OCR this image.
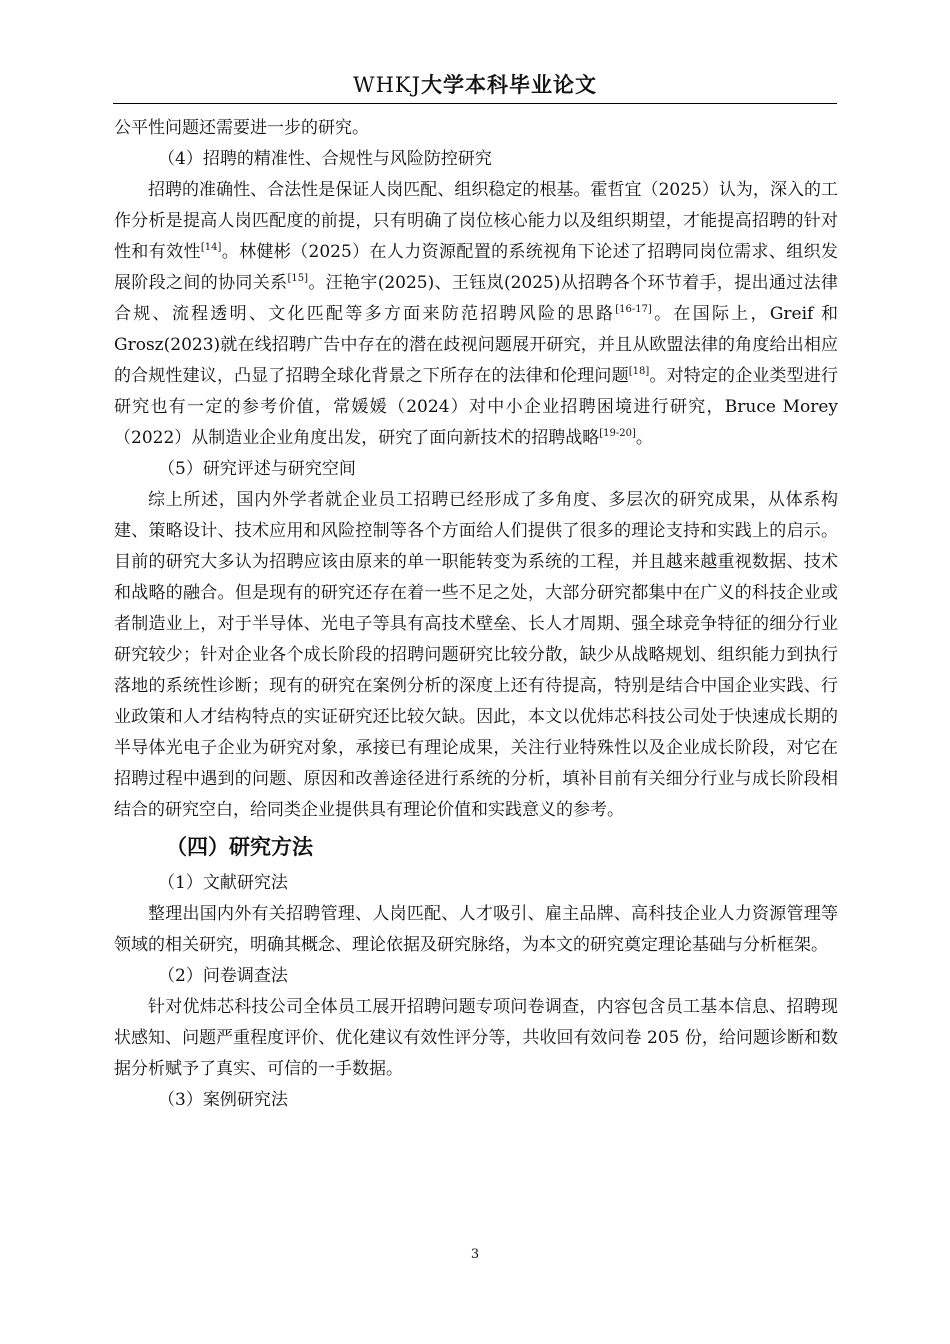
WHKJ大学本科毕业论文

公平性问题还需要进一步的研究。

（4）招聘的精准性、合规性与风险防控研究

招聘的准确性、合法性是保证人岗匹配、组织稳定的根基。霍哲宜（2025）认为，深入的工作分析是提高人岗匹配度的前提，只有明确了岗位核心能力以及组织期望，才能提高招聘的针对性和有效性[14]。林健彬（2025）在人力资源配置的系统视角下论述了招聘同岗位需求、组织发展阶段之间的协同关系[15]。汪艳宇(2025)、王钰岚(2025)从招聘各个环节着手，提出通过法律合规、流程透明、文化匹配等多方面来防范招聘风险的思路[16-17]。在国际上，Greif 和 Grosz(2023)就在线招聘广告中存在的潜在歧视问题展开研究，并且从欧盟法律的角度给出相应的合规性建议，凸显了招聘全球化背景之下所存在的法律和伦理问题[18]。对特定的企业类型进行研究也有一定的参考价值，常媛媛（2024）对中小企业招聘困境进行研究，Bruce Morey（2022）从制造业企业角度出发，研究了面向新技术的招聘战略[19-20]。

（5）研究评述与研究空间

综上所述，国内外学者就企业员工招聘已经形成了多角度、多层次的研究成果，从体系构建、策略设计、技术应用和风险控制等各个方面给人们提供了很多的理论支持和实践上的启示。目前的研究大多认为招聘应该由原来的单一职能转变为系统的工程，并且越来越重视数据、技术和战略的融合。但是现有的研究还存在着一些不足之处，大部分研究都集中在广义的科技企业或者制造业上，对于半导体、光电子等具有高技术壁垒、长人才周期、强全球竞争特征的细分行业研究较少；针对企业各个成长阶段的招聘问题研究比较分散，缺少从战略规划、组织能力到执行落地的系统性诊断；现有的研究在案例分析的深度上还有待提高，特别是结合中国企业实践、行业政策和人才结构特点的实证研究还比较欠缺。因此，本文以优炜芯科技公司处于快速成长期的半导体光电子企业为研究对象，承接已有理论成果，关注行业特殊性以及企业成长阶段，对它在招聘过程中遇到的问题、原因和改善途径进行系统的分析，填补目前有关细分行业与成长阶段相结合的研究空白，给同类企业提供具有理论价值和实践意义的参考。

（四）研究方法

（1）文献研究法

整理出国内外有关招聘管理、人岗匹配、人才吸引、雇主品牌、高科技企业人力资源管理等领域的相关研究，明确其概念、理论依据及研究脉络，为本文的研究奠定理论基础与分析框架。

（2）问卷调查法

针对优炜芯科技公司全体员工展开招聘问题专项问卷调查，内容包含员工基本信息、招聘现状感知、问题严重程度评价、优化建议有效性评分等，共收回有效问卷 205 份，给问题诊断和数据分析赋予了真实、可信的一手数据。

（3）案例研究法

3
